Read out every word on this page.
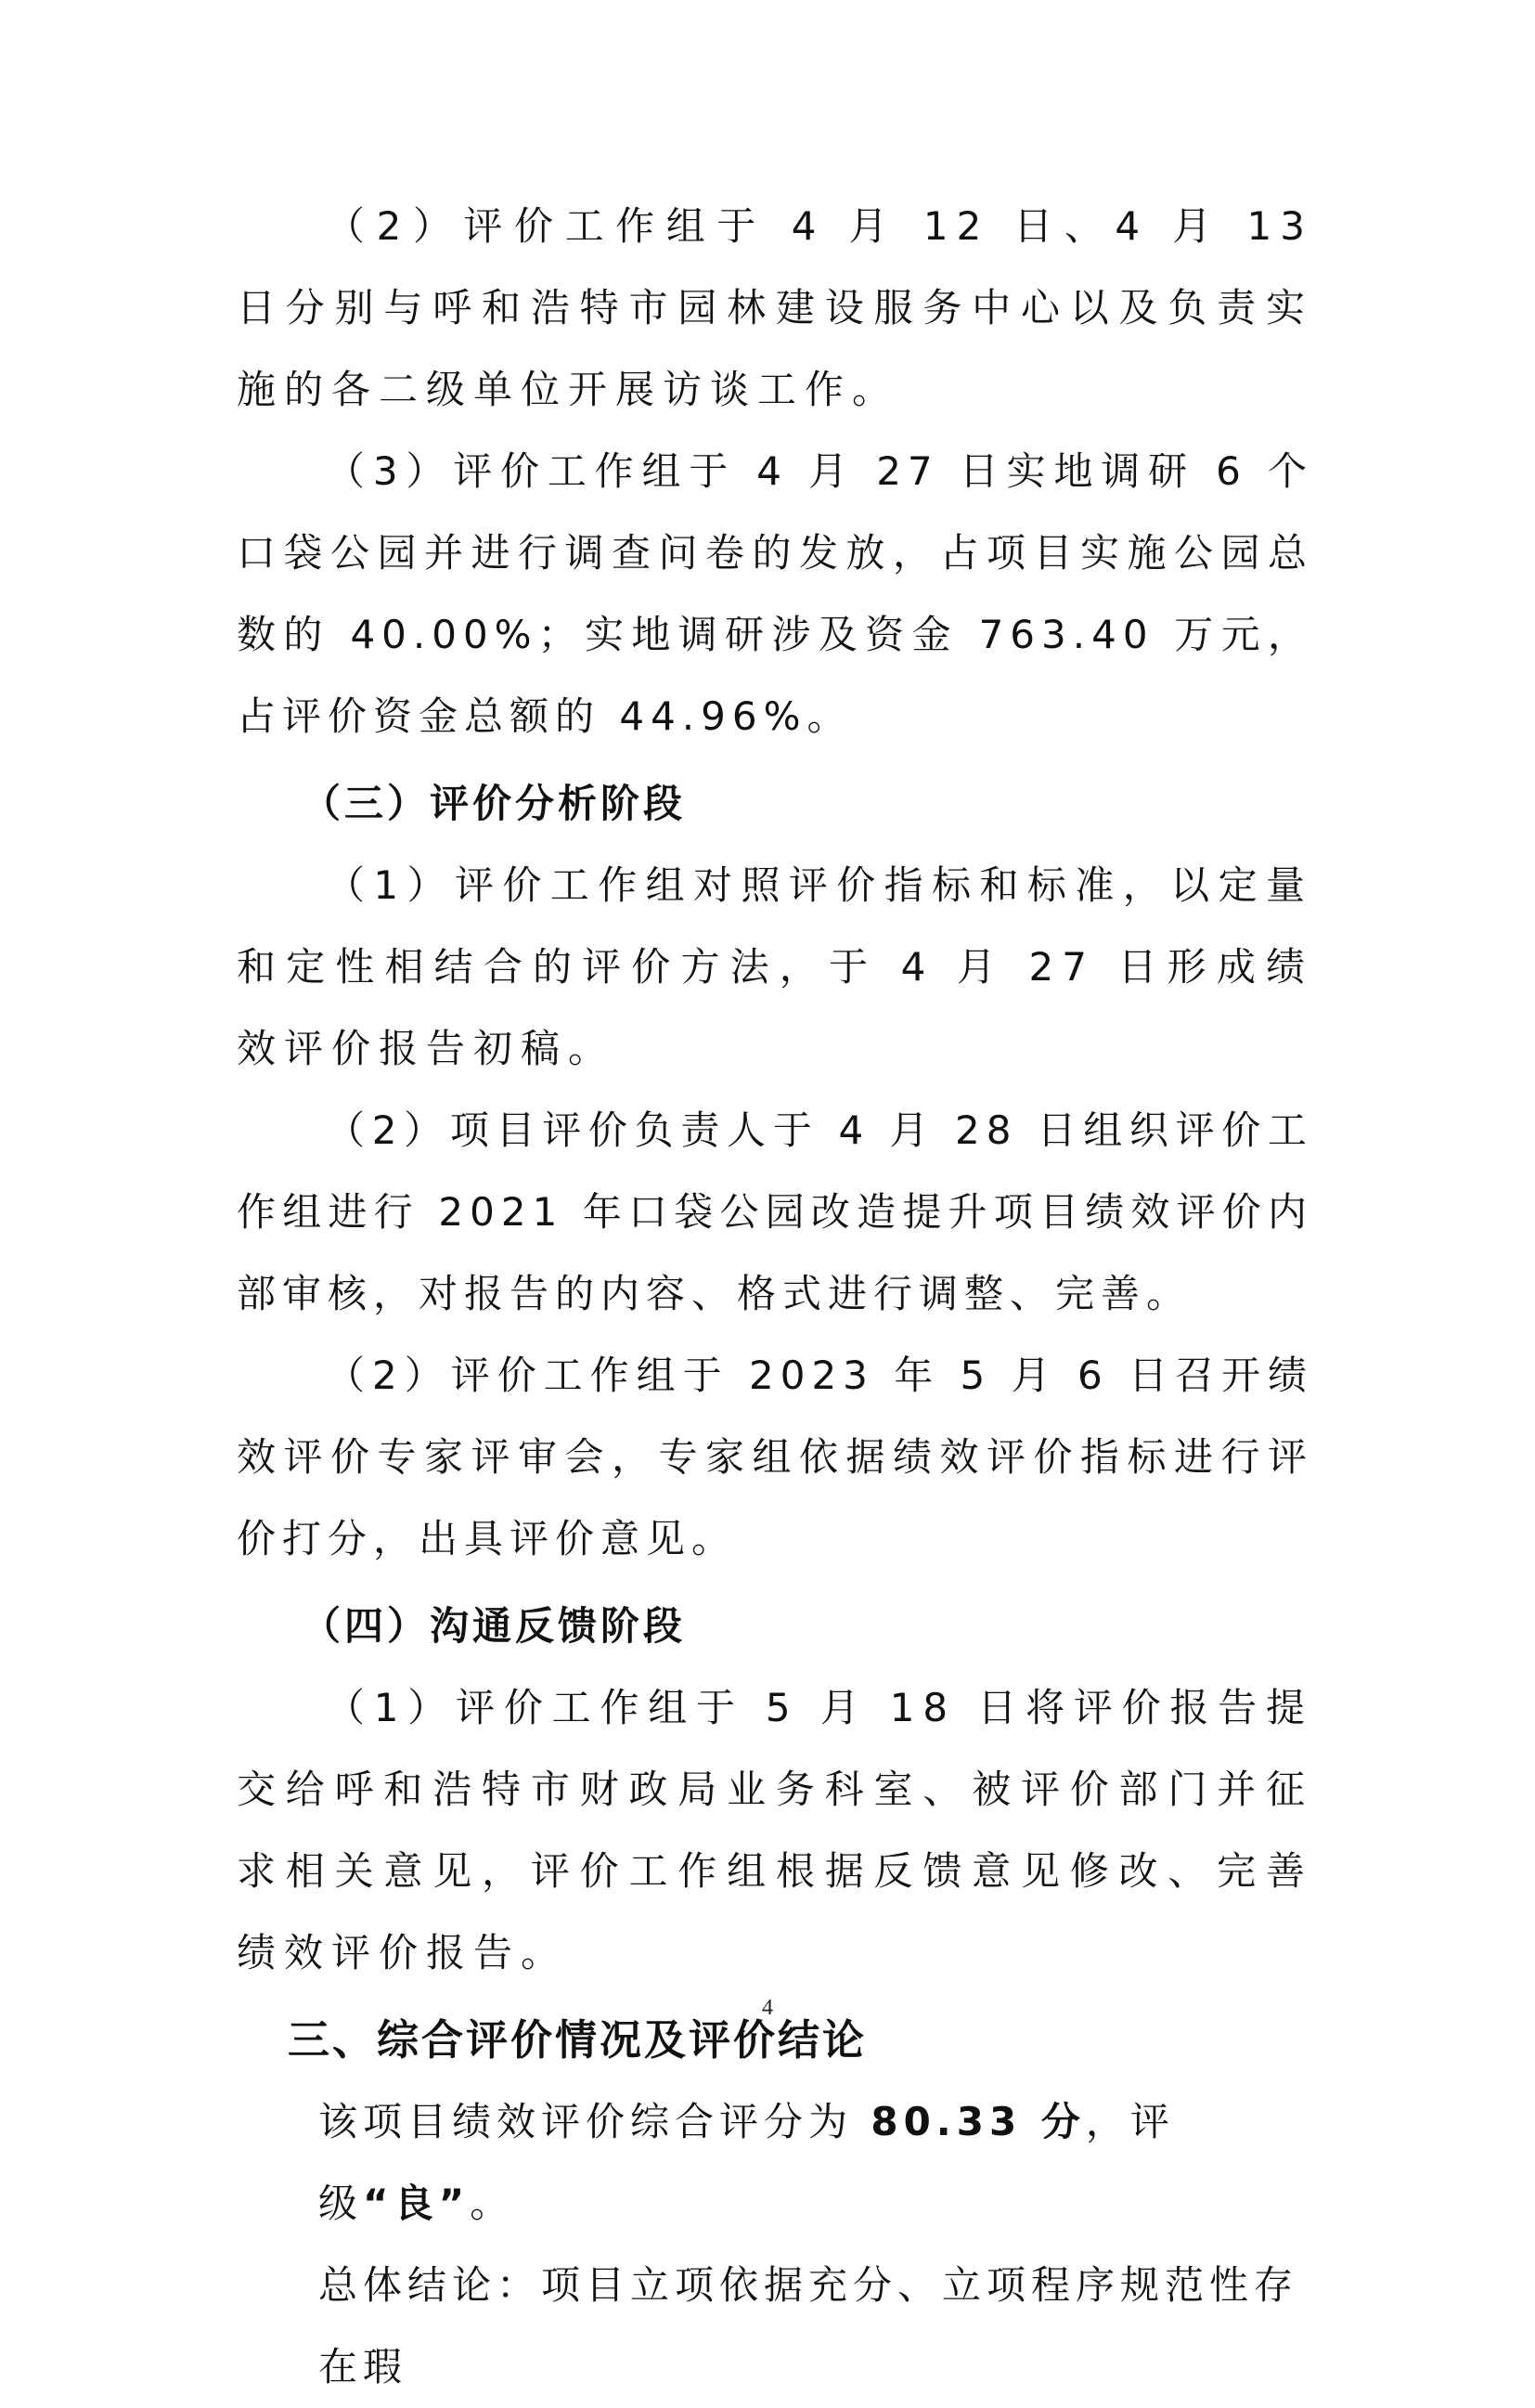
（2）评价工作组于 4 月 12 日、4 月 13 日分别与呼和浩特市园林建设服务中心以及负责实施的各二级单位开展访谈工作。

（3）评价工作组于 4 月 27 日实地调研 6 个口袋公园并进行调查问卷的发放，占项目实施公园总数的 40.00%；实地调研涉及资金 763.40 万元，占评价资金总额的 44.96%。

（三）评价分析阶段

（1）评价工作组对照评价指标和标准，以定量和定性相结合的评价方法，于 4 月 27 日形成绩效评价报告初稿。

（2）项目评价负责人于 4 月 28 日组织评价工作组进行 2021 年口袋公园改造提升项目绩效评价内部审核，对报告的内容、格式进行调整、完善。

（2）评价工作组于 2023 年 5 月 6 日召开绩效评价专家评审会，专家组依据绩效评价指标进行评价打分，出具评价意见。

（四）沟通反馈阶段

（1）评价工作组于 5 月 18 日将评价报告提交给呼和浩特市财政局业务科室、被评价部门并征求相关意见，评价工作组根据反馈意见修改、完善绩效评价报告。

三、综合评价情况及评价结论

该项目绩效评价综合评分为 80.33 分，评级“良”。

总体结论：项目立项依据充分、立项程序规范性存在瑕

4
